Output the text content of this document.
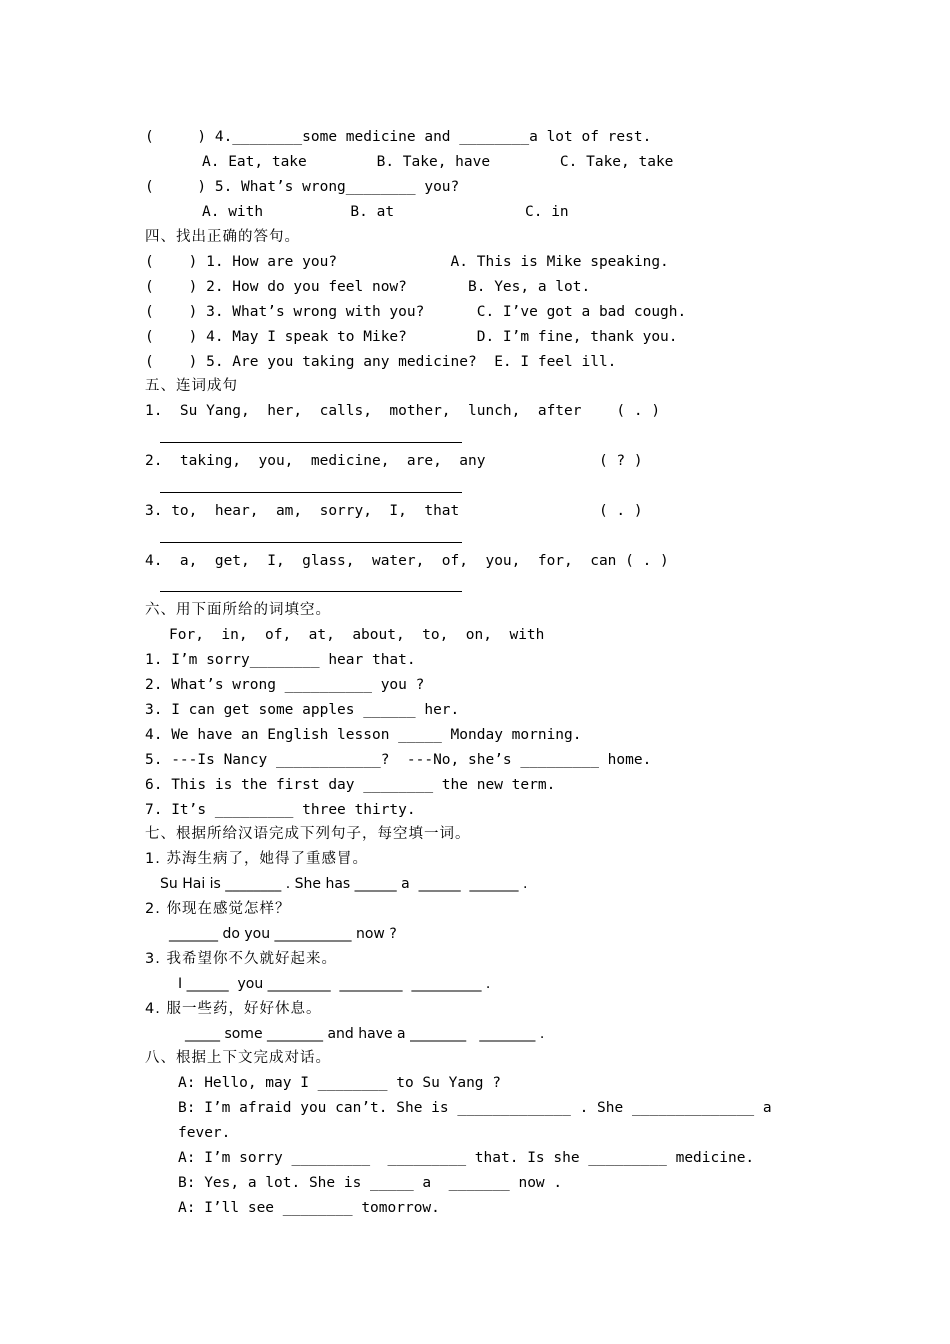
(     ) 4.________some medicine and ________a lot of rest.
A. Eat, take        B. Take, have        C. Take, take
(     ) 5. What’s wrong________ you?
A. with          B. at               C. in
四、找出正确的答句。
(    ) 1. How are you?             A. This is Mike speaking.
(    ) 2. How do you feel now?       B. Yes, a lot.
(    ) 3. What’s wrong with you?      C. I’ve got a bad cough.
(    ) 4. May I speak to Mike?        D. I’m fine, thank you.
(    ) 5. Are you taking any medicine?  E. I feel ill.
五、连词成句
1.  Su Yang,  her,  calls,  mother,  lunch,  after    ( . )
2.  taking,  you,  medicine,  are,  any             ( ? )
3. to,  hear,  am,  sorry,  I,  that                ( . )
4.  a,  get,  I,  glass,  water,  of,  you,  for,  can ( . )
六、用下面所给的词填空。
For,  in,  of,  at,  about,  to,  on,  with
1. I’m sorry________ hear that.
2. What’s wrong __________ you ?
3. I can get some apples ______ her.
4. We have an English lesson _____ Monday morning.
5. ---Is Nancy ____________?  ---No, she’s _________ home.
6. This is the first day ________ the new term.
7. It’s _________ three thirty.
七、根据所给汉语完成下列句子，每空填一词。
1. 苏海生病了，她得了重感冒。
Su Hai is ________ . She has ______ a  ______  _______ .
2. 你现在感觉怎样？
_______ do you ___________ now ?
3. 我希望你不久就好起来。
I ______  you _________  _________  __________ .
4. 服一些药，好好休息。
_____ some ________ and have a ________   ________ .
八、根据上下文完成对话。
A: Hello, may I ________ to Su Yang ?
B: I’m afraid you can’t. She is _____________ . She ______________ a
fever.
A: I’m sorry _________  _________ that. Is she _________ medicine.
B: Yes, a lot. She is _____ a  _______ now .
A: I’ll see ________ tomorrow.
